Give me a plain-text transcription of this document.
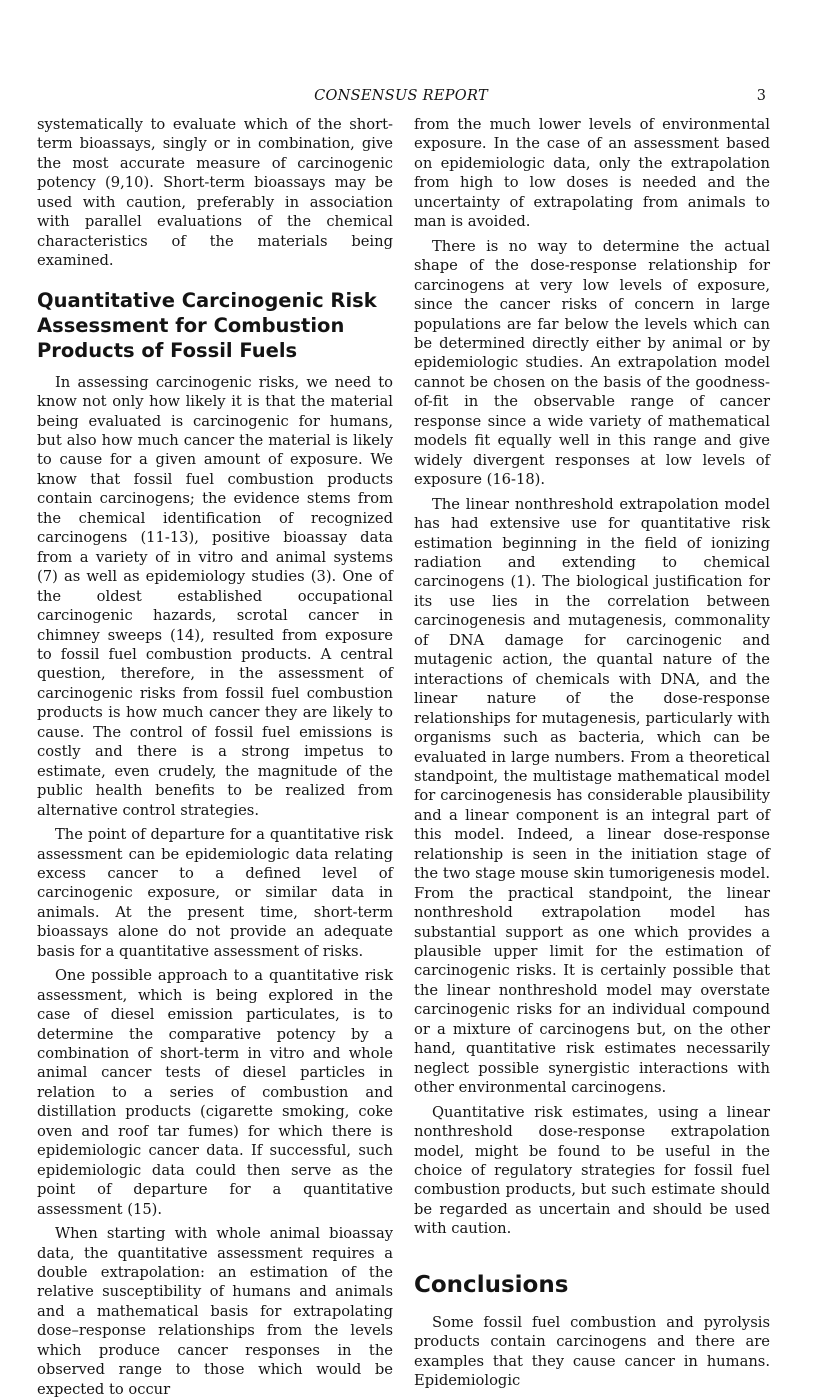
CONSENSUS REPORT	3

systematically to evaluate which of the short-term bioassays, singly or in combination, give the most accurate measure of carcinogenic potency (9,10). Short-term bioassays may be used with caution, preferably in association with parallel evaluations of the chemical characteristics of the materials being examined.

Quantitative Carcinogenic Risk Assessment for Combustion Products of Fossil Fuels

In assessing carcinogenic risks, we need to know not only how likely it is that the material being evaluated is carcinogenic for humans, but also how much cancer the material is likely to cause for a given amount of exposure. We know that fossil fuel combustion products contain carcinogens; the evidence stems from the chemical identification of recognized carcinogens (11-13), positive bioassay data from a variety of in vitro and animal systems (7) as well as epidemiology studies (3). One of the oldest established occupational carcinogenic hazards, scrotal cancer in chimney sweeps (14), resulted from exposure to fossil fuel combustion products. A central question, therefore, in the assessment of carcinogenic risks from fossil fuel combustion products is how much cancer they are likely to cause. The control of fossil fuel emissions is costly and there is a strong impetus to estimate, even crudely, the magnitude of the public health benefits to be realized from alternative control strategies.

The point of departure for a quantitative risk assessment can be epidemiologic data relating excess cancer to a defined level of carcinogenic exposure, or similar data in animals. At the present time, short-term bioassays alone do not provide an adequate basis for a quantitative assessment of risks.

One possible approach to a quantitative risk assessment, which is being explored in the case of diesel emission particulates, is to determine the comparative potency by a combination of short-term in vitro and whole animal cancer tests of diesel particles in relation to a series of combustion and distillation products (cigarette smoking, coke oven and roof tar fumes) for which there is epidemiologic cancer data. If successful, such epidemiologic data could then serve as the point of departure for a quantitative assessment (15).

When starting with whole animal bioassay data, the quantitative assessment requires a double extrapolation: an estimation of the relative susceptibility of humans and animals and a mathematical basis for extrapolating dose–response relationships from the levels which produce cancer responses in the observed range to those which would be expected to occur

from the much lower levels of environmental exposure. In the case of an assessment based on epidemiologic data, only the extrapolation from high to low doses is needed and the uncertainty of extrapolating from animals to man is avoided.

There is no way to determine the actual shape of the dose-response relationship for carcinogens at very low levels of exposure, since the cancer risks of concern in large populations are far below the levels which can be determined directly either by animal or by epidemiologic studies. An extrapolation model cannot be chosen on the basis of the goodness-of-fit in the observable range of cancer response since a wide variety of mathematical models fit equally well in this range and give widely divergent responses at low levels of exposure (16-18).

The linear nonthreshold extrapolation model has had extensive use for quantitative risk estimation beginning in the field of ionizing radiation and extending to chemical carcinogens (1). The biological justification for its use lies in the correlation between carcinogenesis and mutagenesis, commonality of DNA damage for carcinogenic and mutagenic action, the quantal nature of the interactions of chemicals with DNA, and the linear nature of the dose-response relationships for mutagenesis, particularly with organisms such as bacteria, which can be evaluated in large numbers. From a theoretical standpoint, the multistage mathematical model for carcinogenesis has considerable plausibility and a linear component is an integral part of this model. Indeed, a linear dose-response relationship is seen in the initiation stage of the two stage mouse skin tumorigenesis model. From the practical standpoint, the linear nonthreshold extrapolation model has substantial support as one which provides a plausible upper limit for the estimation of carcinogenic risks. It is certainly possible that the linear nonthreshold model may overstate carcinogenic risks for an individual compound or a mixture of carcinogens but, on the other hand, quantitative risk estimates necessarily neglect possible synergistic interactions with other environmental carcinogens.

Quantitative risk estimates, using a linear nonthreshold dose-response extrapolation model, might be found to be useful in the choice of regulatory strategies for fossil fuel combustion products, but such estimate should be regarded as uncertain and should be used with caution.

Conclusions

Some fossil fuel combustion and pyrolysis products contain carcinogens and there are examples that they cause cancer in humans. Epidemiologic
